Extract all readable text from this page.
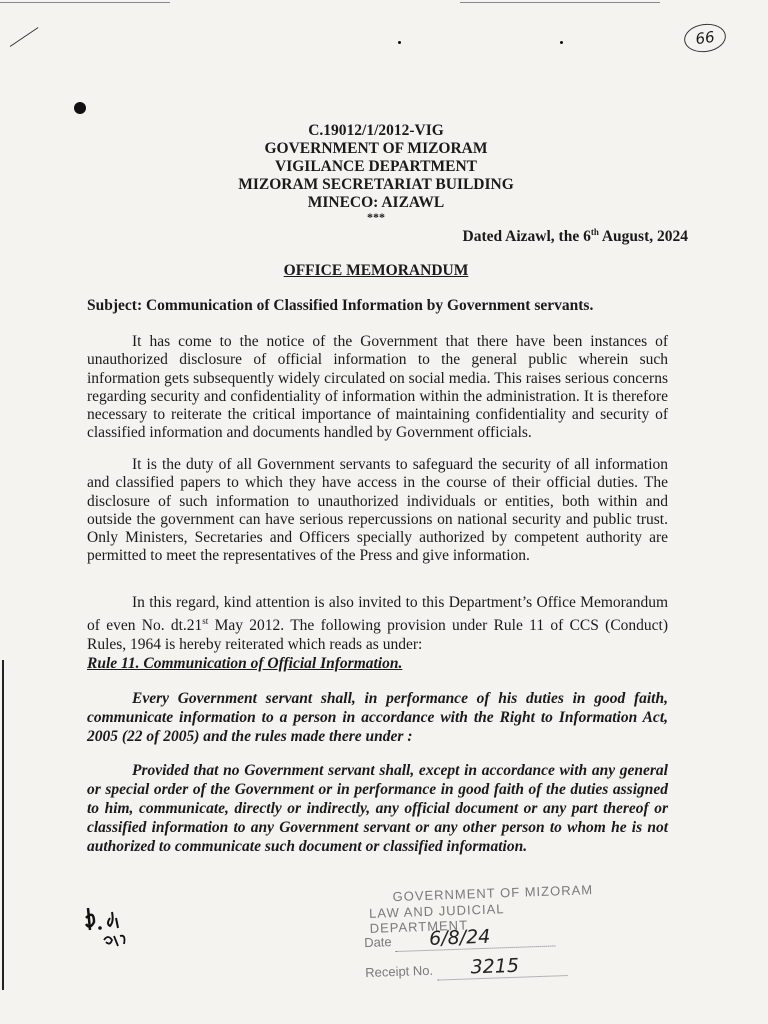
66
C.19012/1/2012-VIG
GOVERNMENT OF MIZORAM
VIGILANCE DEPARTMENT
MIZORAM SECRETARIAT BUILDING
MINECO: AIZAWL
***
Dated Aizawl, the 6th August, 2024
OFFICE MEMORANDUM
Subject: Communication of Classified Information by Government servants.

It has come to the notice of the Government that there have been instances of unauthorized disclosure of official information to the general public wherein such information gets subsequently widely circulated on social media. This raises serious concerns regarding security and confidentiality of information within the administration. It is therefore necessary to reiterate the critical importance of maintaining confidentiality and security of classified information and documents handled by Government officials.

It is the duty of all Government servants to safeguard the security of all information and classified papers to which they have access in the course of their official duties. The disclosure of such information to unauthorized individuals or entities, both within and outside the government can have serious repercussions on national security and public trust. Only Ministers, Secretaries and Officers specially authorized by competent authority are permitted to meet the representatives of the Press and give information.

In this regard, kind attention is also invited to this Department’s Office Memorandum of even No. dt.21st May 2012. The following provision under Rule 11 of CCS (Conduct) Rules, 1964 is hereby reiterated which reads as under:

Rule 11. Communication of Official Information.

Every Government servant shall, in performance of his duties in good faith, communicate information to a person in accordance with the Right to Information Act, 2005 (22 of 2005) and the rules made there under :

Provided that no Government servant shall, except in accordance with any general or special order of the Government or in performance in good faith of the duties assigned to him, communicate, directly or indirectly, any official document or any part thereof or classified information to any Government servant or any other person to whom he is not authorized to communicate such document or classified information.

GOVERNMENT OF MIZORAM
LAW AND JUDICIAL DEPARTMENT
Date 6/8/24
Receipt No. 3215
